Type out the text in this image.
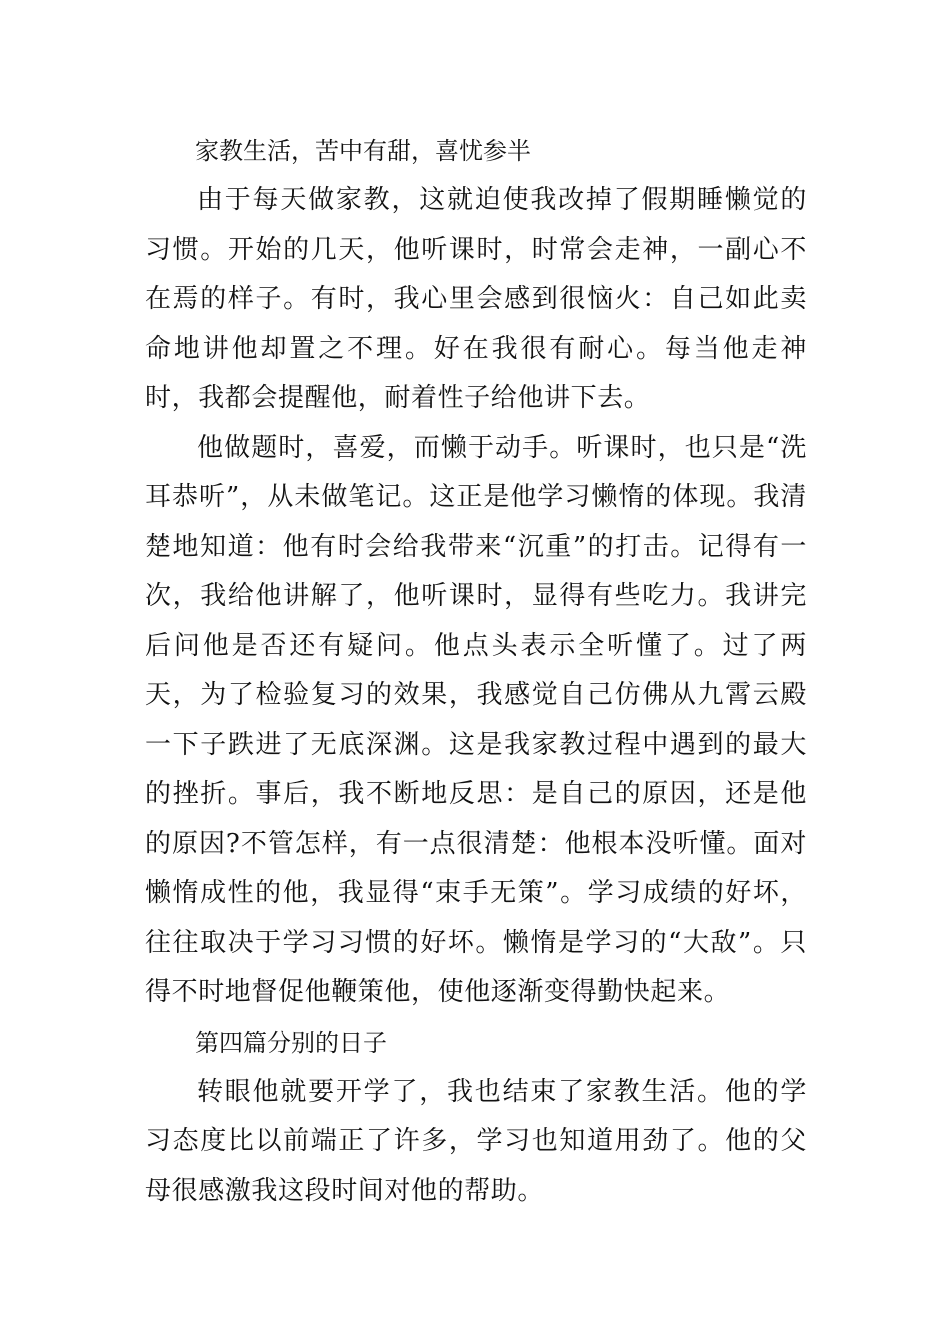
家教生活，苦中有甜，喜忧参半

由于每天做家教，这就迫使我改掉了假期睡懒觉的习惯。开始的几天，他听课时，时常会走神，一副心不在焉的样子。有时，我心里会感到很恼火：自己如此卖命地讲他却置之不理。好在我很有耐心。每当他走神时，我都会提醒他，耐着性子给他讲下去。

他做题时，喜爱，而懒于动手。听课时，也只是“洗耳恭听”，从未做笔记。这正是他学习懒惰的体现。我清楚地知道：他有时会给我带来“沉重”的打击。记得有一次，我给他讲解了，他听课时，显得有些吃力。我讲完后问他是否还有疑问。他点头表示全听懂了。过了两天，为了检验复习的效果，我感觉自己仿佛从九霄云殿一下子跌进了无底深渊。这是我家教过程中遇到的最大的挫折。事后，我不断地反思：是自己的原因，还是他的原因?不管怎样，有一点很清楚：他根本没听懂。面对懒惰成性的他，我显得“束手无策”。学习成绩的好坏，往往取决于学习习惯的好坏。懒惰是学习的“大敌”。只得不时地督促他鞭策他，使他逐渐变得勤快起来。

第四篇分别的日子

转眼他就要开学了，我也结束了家教生活。他的学习态度比以前端正了许多，学习也知道用劲了。他的父母很感激我这段时间对他的帮助。
